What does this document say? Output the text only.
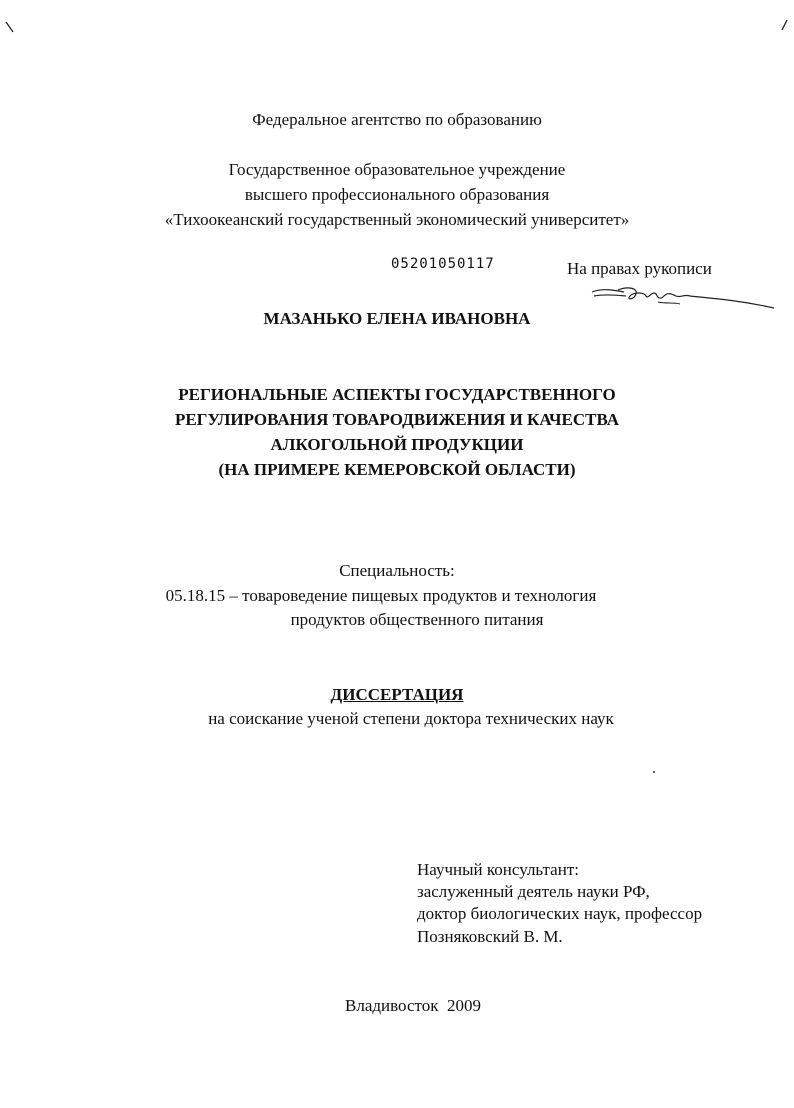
Федеральное агентство по образованию
Государственное образовательное учреждение
высшего профессионального образования
«Тихоокеанский государственный экономический университет»
05201050117	На правах рукописи
МАЗАНЬКО ЕЛЕНА ИВАНОВНА
РЕГИОНАЛЬНЫЕ АСПЕКТЫ ГОСУДАРСТВЕННОГО
РЕГУЛИРОВАНИЯ ТОВАРОДВИЖЕНИЯ И КАЧЕСТВА
АЛКОГОЛЬНОЙ ПРОДУКЦИИ
(НА ПРИМЕРЕ КЕМЕРОВСКОЙ ОБЛАСТИ)
Специальность:
05.18.15 – товароведение пищевых продуктов и технология
продуктов общественного питания
ДИССЕРТАЦИЯ
на соискание ученой степени доктора технических наук
Научный консультант:
заслуженный деятель науки РФ,
доктор биологических наук, профессор
Позняковский В. М.
Владивосток  2009
